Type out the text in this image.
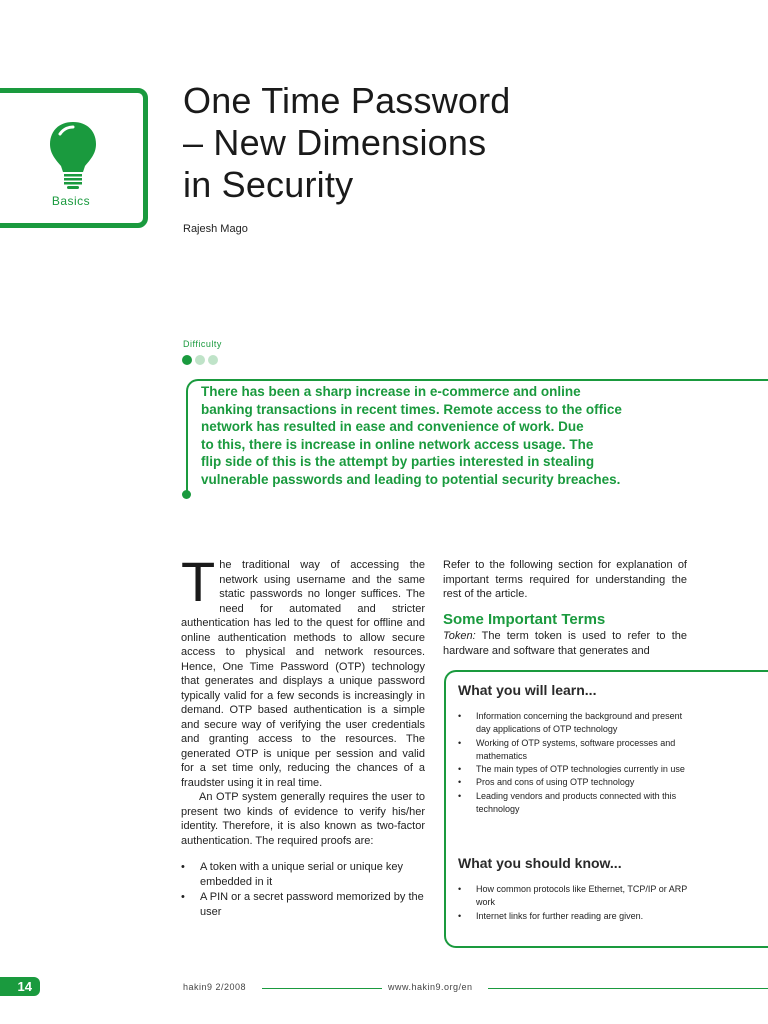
Basics
One Time Password
– New Dimensions
in Security
Rajesh Mago
Difficulty

There has been a sharp increase in e-commerce and online
banking transactions in recent times. Remote access to the office
network has resulted in ease and convenience of work. Due
to this, there is increase in online network access usage. The
flip side of this is the attempt by parties interested in stealing
vulnerable passwords and leading to potential security breaches.

T he traditional way of accessing the network using username and the same static passwords no longer suffices. The need for automated and stricter authentication has led to the quest for offline and online authentication methods to allow secure access to physical and network resources. Hence, One Time Password (OTP) technology that generates and displays a unique password typically valid for a few seconds is increasingly in demand. OTP based authentication is a simple and secure way of verifying the user credentials and granting access to the resources. The generated OTP is unique per session and valid for a set time only, reducing the chances of a fraudster using it in real time.

An OTP system generally requires the user to present two kinds of evidence to verify his/her identity. Therefore, it is also known as two-factor authentication. The required proofs are:

• A token with a unique serial or unique key embedded in it
• A PIN or a secret password memorized by the user

Refer to the following section for explanation of important terms required for understanding the rest of the article.

Some Important Terms

Token: The term token is used to refer to the hardware and software that generates and

What you will learn...
• Information concerning the background and present day applications of OTP technology
• Working of OTP systems, software processes and mathematics
• The main types of OTP technologies currently in use
• Pros and cons of using OTP technology
• Leading vendors and products connected with this technology
What you should know...
• How common protocols like Ethernet, TCP/IP or ARP work
• Internet links for further reading are given.
14	hakin9 2/2008	www.hakin9.org/en
